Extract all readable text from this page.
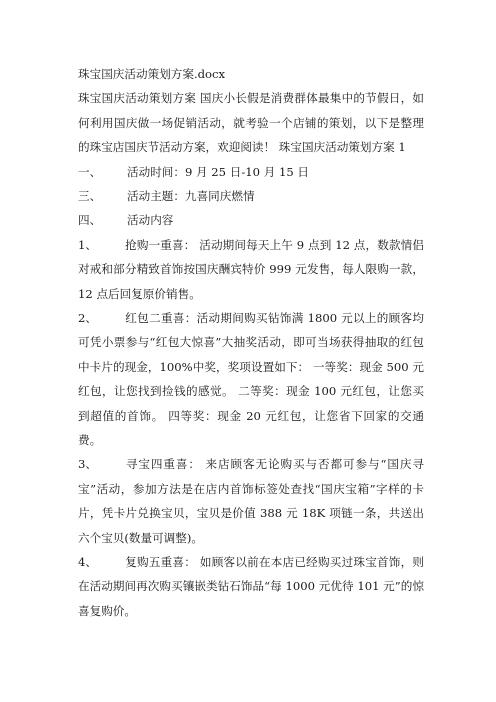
珠宝国庆活动策划方案.docx

珠宝国庆活动策划方案 国庆小长假是消费群体最集中的节假日，如何利用国庆做一场促销活动，就考验一个店铺的策划，以下是整理的珠宝店国庆节活动方案，欢迎阅读！ 珠宝国庆活动策划方案 1

一、	活动时间：9 月 25 日-10 月 15 日
三、	活动主题：九喜同庆燃情
四、	活动内容

1、 抢购一重喜： 活动期间每天上午 9 点到 12 点，数款情侣对戒和部分精致首饰按国庆酬宾特价 999 元发售，每人限购一款，12 点后回复原价销售。

2、 红包二重喜：活动期间购买钻饰满 1800 元以上的顾客均可凭小票参与“红包大惊喜”大抽奖活动，即可当场获得抽取的红包中卡片的现金，100%中奖，奖项设置如下： 一等奖：现金 500 元红包，让您找到捡钱的感觉。 二等奖：现金 100 元红包，让您买到超值的首饰。 四等奖：现金 20 元红包，让您省下回家的交通费。

3、 寻宝四重喜： 来店顾客无论购买与否都可参与“国庆寻宝”活动，参加方法是在店内首饰标签处查找“国庆宝箱”字样的卡片，凭卡片兑换宝贝，宝贝是价值 388 元 18K 项链一条，共送出六个宝贝(数量可调整)。

4、 复购五重喜： 如顾客以前在本店已经购买过珠宝首饰，则在活动期间再次购买镶嵌类钻石饰品“每 1000 元优待 101 元”的惊喜复购价。
